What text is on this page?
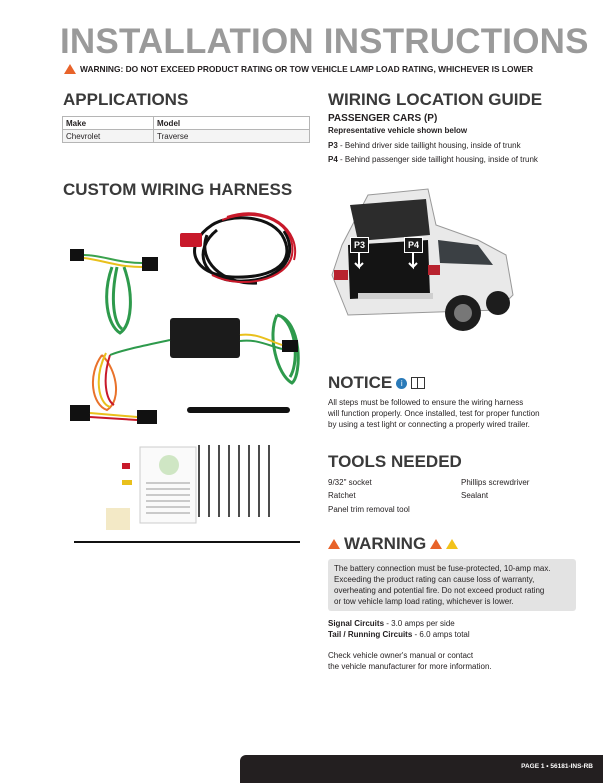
INSTALLATION INSTRUCTIONS
WARNING: DO NOT EXCEED PRODUCT RATING OR TOW VEHICLE LAMP LOAD RATING, WHICHEVER IS LOWER
APPLICATIONS
Make	Model
Chevrolet	Traverse
CUSTOM WIRING HARNESS
WIRING LOCATION GUIDE
PASSENGER CARS (P)
Representative vehicle shown below
P3 - Behind driver side taillight housing, inside of trunk
P4 - Behind passenger side taillight housing, inside of trunk
P3	P4
NOTICE	i
All steps must be followed to ensure the wiring harness
will function properly. Once installed, test for proper function
by using a test light or connecting a properly wired trailer.
TOOLS NEEDED
9/32" socket	Phillips screwdriver
Ratchet	Sealant
Panel trim removal tool
WARNING
The battery connection must be fuse-protected, 10-amp max.
Exceeding the product rating can cause loss of warranty,
overheating and potential fire. Do not exceed product rating
or tow vehicle lamp load rating, whichever is lower.
Signal Circuits - 3.0 amps per side
Tail / Running Circuits - 6.0 amps total
Check vehicle owner's manual or contact
the vehicle manufacturer for more information.
PAGE 1 • 56181-INS-RB
